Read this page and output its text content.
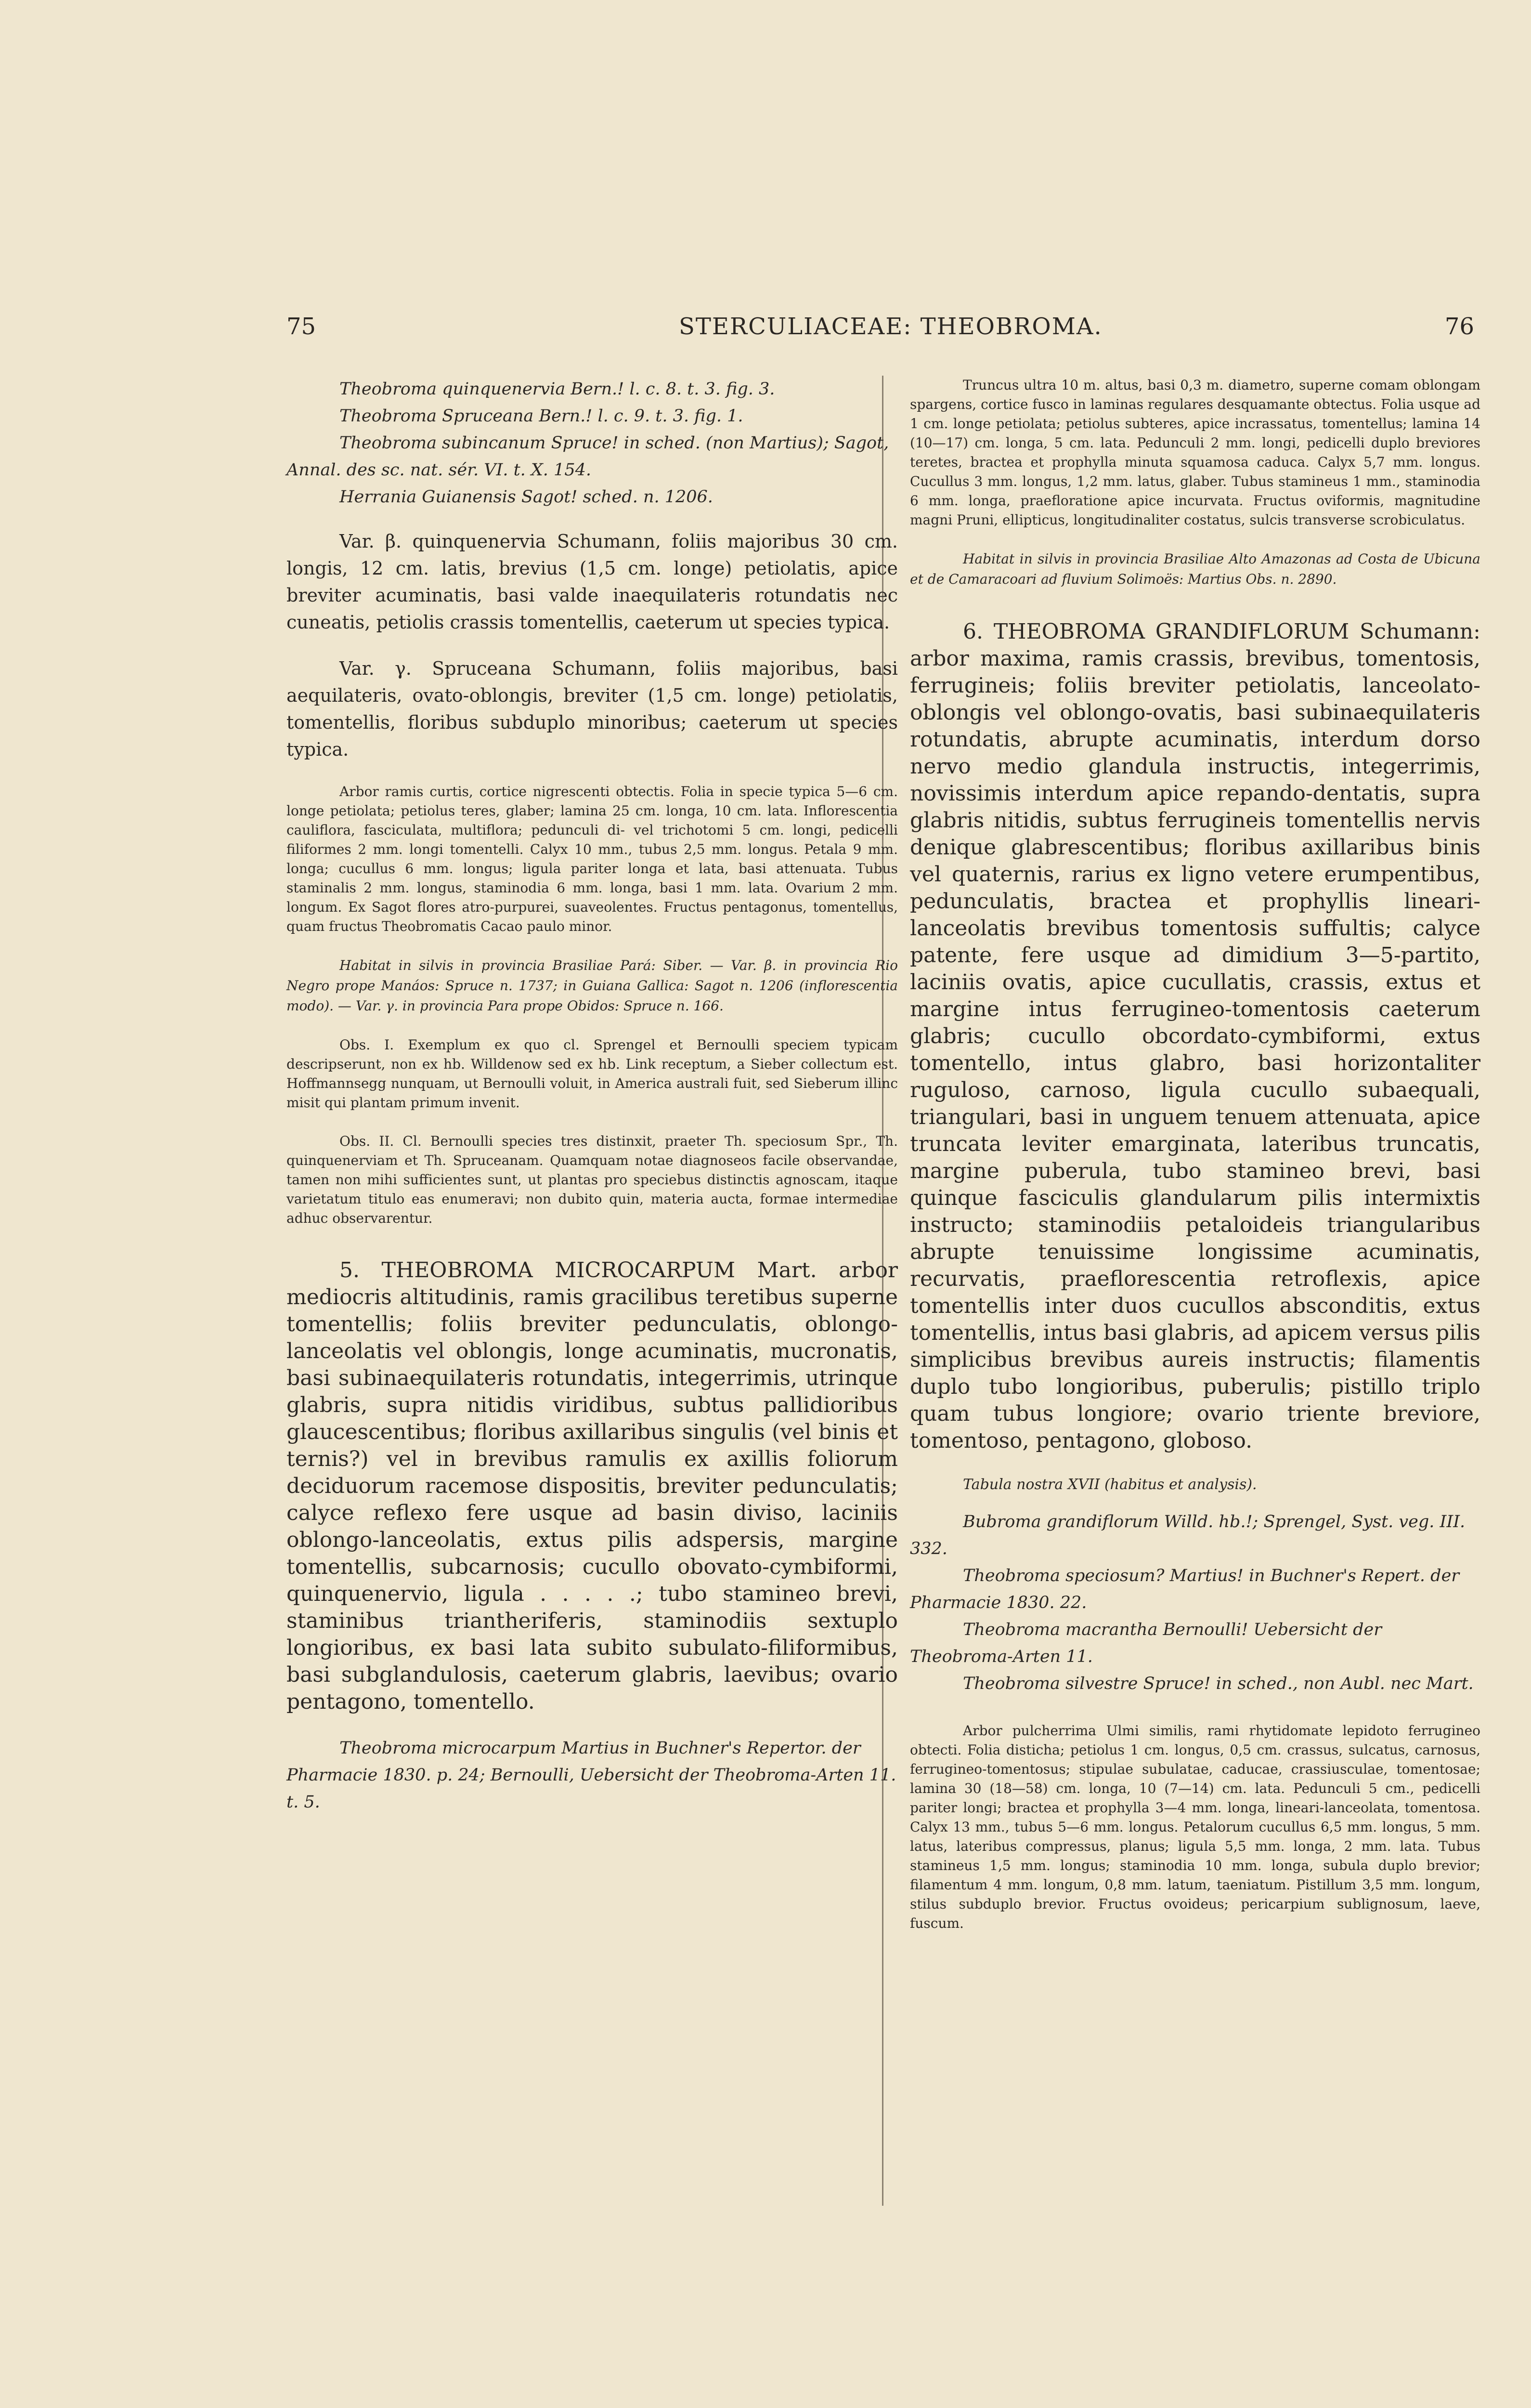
75	STERCULIACEAE: THEOBROMA.	76

Theobroma quinquenervia Bern.! l. c. 8. t. 3. fig. 3.

Theobroma Spruceana Bern.! l. c. 9. t. 3. fig. 1.

Theobroma subincanum Spruce! in sched. (non Martius); Sagot, Annal. des sc. nat. sér. VI. t. X. 154.

Herrania Guianensis Sagot! sched. n. 1206.

Var. β. quinquenervia Schumann, foliis majoribus 30 cm. longis, 12 cm. latis, brevius (1,5 cm. longe) petiolatis, apice breviter acuminatis, basi valde inaequilateris rotundatis nec cuneatis, petiolis crassis tomentellis, caeterum ut species typica.

Var. γ. Spruceana Schumann, foliis majoribus, basi aequilateris, ovato-oblongis, breviter (1,5 cm. longe) petiolatis, tomentellis, floribus subduplo minoribus; caeterum ut species typica.

Arbor ramis curtis, cortice nigrescenti obtectis. Folia in specie typica 5—6 cm. longe petiolata; petiolus teres, glaber; lamina 25 cm. longa, 10 cm. lata. Inflorescentia cauliflora, fasciculata, multiflora; pedunculi di- vel trichotomi 5 cm. longi, pedicelli filiformes 2 mm. longi tomentelli. Calyx 10 mm., tubus 2,5 mm. longus. Petala 9 mm. longa; cucullus 6 mm. longus; ligula pariter longa et lata, basi attenuata. Tubus staminalis 2 mm. longus, staminodia 6 mm. longa, basi 1 mm. lata. Ovarium 2 mm. longum. Ex Sagot flores atro-purpurei, suaveolentes. Fructus pentagonus, tomentellus, quam fructus Theobromatis Cacao paulo minor.

Habitat in silvis in provincia Brasiliae Pará: Siber. — Var. β. in provincia Rio Negro prope Manáos: Spruce n. 1737; in Guiana Gallica: Sagot n. 1206 (inflorescentia modo). — Var. γ. in provincia Para prope Obidos: Spruce n. 166.

Obs. I. Exemplum ex quo cl. Sprengel et Bernoulli speciem typicam descripserunt, non ex hb. Willdenow sed ex hb. Link receptum, a Sieber collectum est. Hoffmannsegg nunquam, ut Bernoulli voluit, in America australi fuit, sed Sieberum illinc misit qui plantam primum invenit.

Obs. II. Cl. Bernoulli species tres distinxit, praeter Th. speciosum Spr., Th. quinquenerviam et Th. Spruceanam. Quamquam notae diagnoseos facile observandae, tamen non mihi sufficientes sunt, ut plantas pro speciebus distinctis agnoscam, itaque varietatum titulo eas enumeravi; non dubito quin, materia aucta, formae intermediae adhuc observarentur.

5. THEOBROMA MICROCARPUM Mart. arbor mediocris altitudinis, ramis gracilibus teretibus superne tomentellis; foliis breviter pedunculatis, oblongo-lanceolatis vel oblongis, longe acuminatis, mucronatis, basi subinaequilateris rotundatis, integerrimis, utrinque glabris, supra nitidis viridibus, subtus pallidioribus glaucescentibus; floribus axillaribus singulis (vel binis et ternis?) vel in brevibus ramulis ex axillis foliorum deciduorum racemose dispositis, breviter pedunculatis; calyce reflexo fere usque ad basin diviso, laciniis oblongo-lanceolatis, extus pilis adspersis, margine tomentellis, subcarnosis; cucullo obovato-cymbiformi, quinquenervio, ligula . . . . .; tubo stamineo brevi, staminibus triantheriferis, staminodiis sextuplo longioribus, ex basi lata subito subulato-filiformibus, basi subglandulosis, caeterum glabris, laevibus; ovario pentagono, tomentello.

Theobroma microcarpum Martius in Buchner's Repertor. der Pharmacie 1830. p. 24; Bernoulli, Uebersicht der Theobroma-Arten 11. t. 5.

Truncus ultra 10 m. altus, basi 0,3 m. diametro, superne comam oblongam spargens, cortice fusco in laminas regulares desquamante obtectus. Folia usque ad 1 cm. longe petiolata; petiolus subteres, apice incrassatus, tomentellus; lamina 14 (10—17) cm. longa, 5 cm. lata. Pedunculi 2 mm. longi, pedicelli duplo breviores teretes, bractea et prophylla minuta squamosa caduca. Calyx 5,7 mm. longus. Cucullus 3 mm. longus, 1,2 mm. latus, glaber. Tubus stamineus 1 mm., staminodia 6 mm. longa, praefloratione apice incurvata. Fructus oviformis, magnitudine magni Pruni, ellipticus, longitudinaliter costatus, sulcis transverse scrobiculatus.

Habitat in silvis in provincia Brasiliae Alto Amazonas ad Costa de Ubicuna et de Camaracoari ad fluvium Solimoës: Martius Obs. n. 2890.

6. THEOBROMA GRANDIFLORUM Schumann: arbor maxima, ramis crassis, brevibus, tomentosis, ferrugineis; foliis breviter petiolatis, lanceolato-oblongis vel oblongo-ovatis, basi subinaequilateris rotundatis, abrupte acuminatis, interdum dorso nervo medio glandula instructis, integerrimis, novissimis interdum apice repando-dentatis, supra glabris nitidis, subtus ferrugineis tomentellis nervis denique glabrescentibus; floribus axillaribus binis vel quaternis, rarius ex ligno vetere erumpentibus, pedunculatis, bractea et prophyllis lineari-lanceolatis brevibus tomentosis suffultis; calyce patente, fere usque ad dimidium 3—5-partito, laciniis ovatis, apice cucullatis, crassis, extus et margine intus ferrugineo-tomentosis caeterum glabris; cucullo obcordato-cymbiformi, extus tomentello, intus glabro, basi horizontaliter ruguloso, carnoso, ligula cucullo subaequali, triangulari, basi in unguem tenuem attenuata, apice truncata leviter emarginata, lateribus truncatis, margine puberula, tubo stamineo brevi, basi quinque fasciculis glandularum pilis intermixtis instructo; staminodiis petaloideis triangularibus abrupte tenuissime longissime acuminatis, recurvatis, praeflorescentia retroflexis, apice tomentellis inter duos cucullos absconditis, extus tomentellis, intus basi glabris, ad apicem versus pilis simplicibus brevibus aureis instructis; filamentis duplo tubo longioribus, puberulis; pistillo triplo quam tubus longiore; ovario triente breviore, tomentoso, pentagono, globoso.

Tabula nostra XVII (habitus et analysis).

Bubroma grandiflorum Willd. hb.!; Sprengel, Syst. veg. III. 332.

Theobroma speciosum? Martius! in Buchner's Repert. der Pharmacie 1830. 22.

Theobroma macrantha Bernoulli! Uebersicht der Theobroma-Arten 11.

Theobroma silvestre Spruce! in sched., non Aubl. nec Mart.

Arbor pulcherrima Ulmi similis, rami rhytidomate lepidoto ferrugineo obtecti. Folia disticha; petiolus 1 cm. longus, 0,5 cm. crassus, sulcatus, carnosus, ferrugineo-tomentosus; stipulae subulatae, caducae, crassiusculae, tomentosae; lamina 30 (18—58) cm. longa, 10 (7—14) cm. lata. Pedunculi 5 cm., pedicelli pariter longi; bractea et prophylla 3—4 mm. longa, lineari-lanceolata, tomentosa. Calyx 13 mm., tubus 5—6 mm. longus. Petalorum cucullus 6,5 mm. longus, 5 mm. latus, lateribus compressus, planus; ligula 5,5 mm. longa, 2 mm. lata. Tubus stamineus 1,5 mm. longus; staminodia 10 mm. longa, subula duplo brevior; filamentum 4 mm. longum, 0,8 mm. latum, taeniatum. Pistillum 3,5 mm. longum, stilus subduplo brevior. Fructus ovoideus; pericarpium sublignosum, laeve, fuscum.
